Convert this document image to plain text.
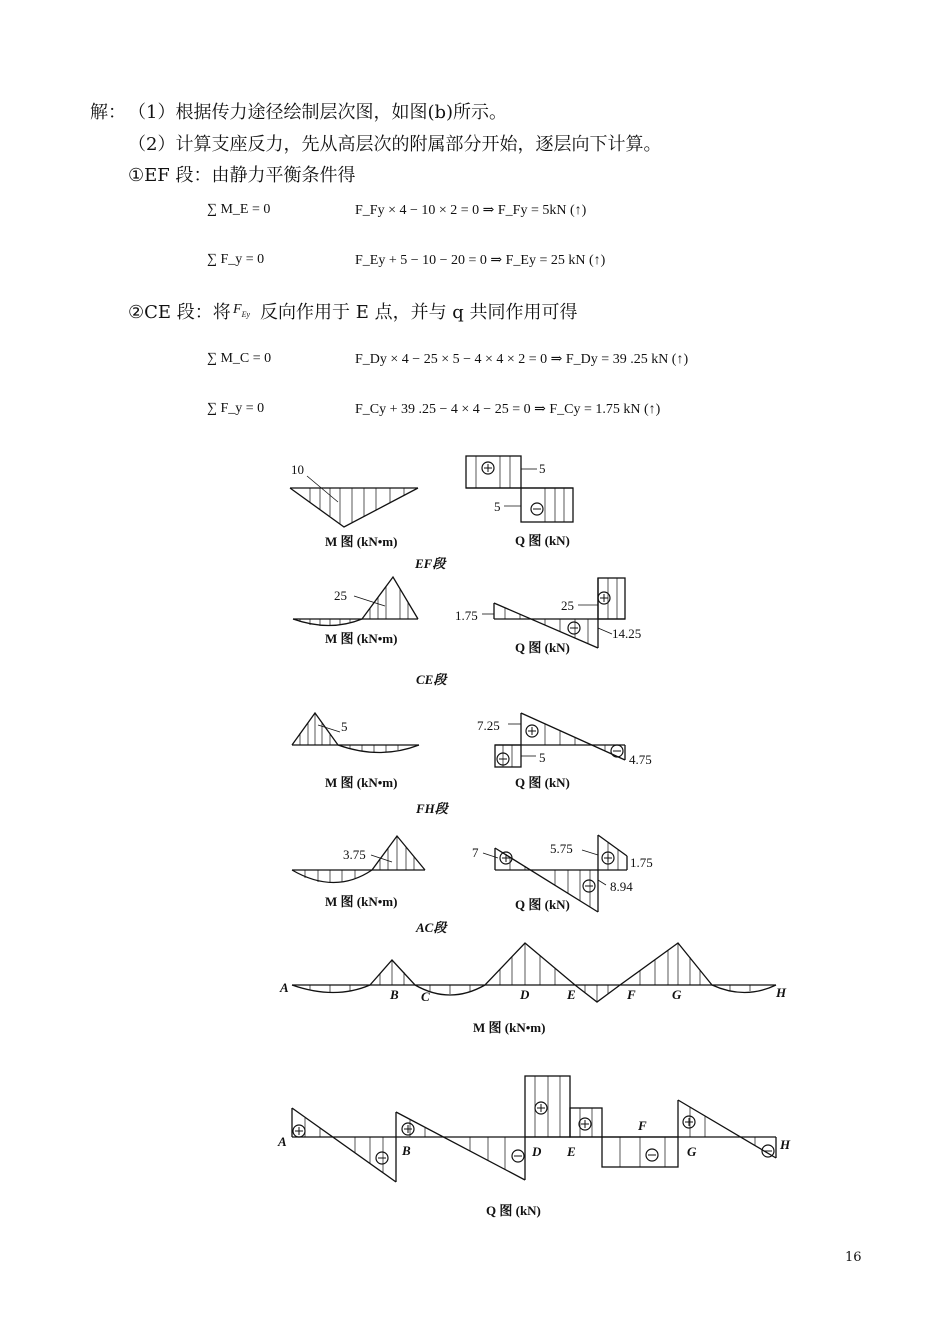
解： （1）根据传力途径绘制层次图，如图(b)所示。
（2）计算支座反力，先从高层次的附属部分开始，逐层向下计算。
①EF 段：由静力平衡条件得
∑ M_E = 0	F_Fy × 4 − 10 × 2 = 0 ⇒ F_Fy = 5kN (↑)
∑ F_y = 0	F_Ey + 5 − 10 − 20 = 0 ⇒ F_Ey = 25 kN (↑)
②CE 段：将 $F_{Ey}$ 反向作用于 E 点，并与 q 共同作用可得
∑ M_C = 0	F_Dy × 4 − 25 × 5 − 4 × 4 × 2 = 0 ⇒ F_Dy = 39 .25 kN (↑)
∑ F_y = 0	F_Cy + 39 .25 − 4 × 4 − 25 = 0 ⇒ F_Cy = 1.75 kN (↑)
10	5
5
M 图 (kN•m)	Q 图 (kN)
EF段
25
1.75
25
14.25
M 图 (kN•m)
Q 图 (kN)
CE段
5	7.25
5	4.75
M 图 (kN•m)	Q 图 (kN)
FH段
3.75	7	5.75
1.75
8.94
M 图 (kN•m)	Q 图 (kN)
AC段
A	B C	D	E	F	G	H
M 图 (kN•m)
A
B	D E
F
G	H
Q 图 (kN)
16
